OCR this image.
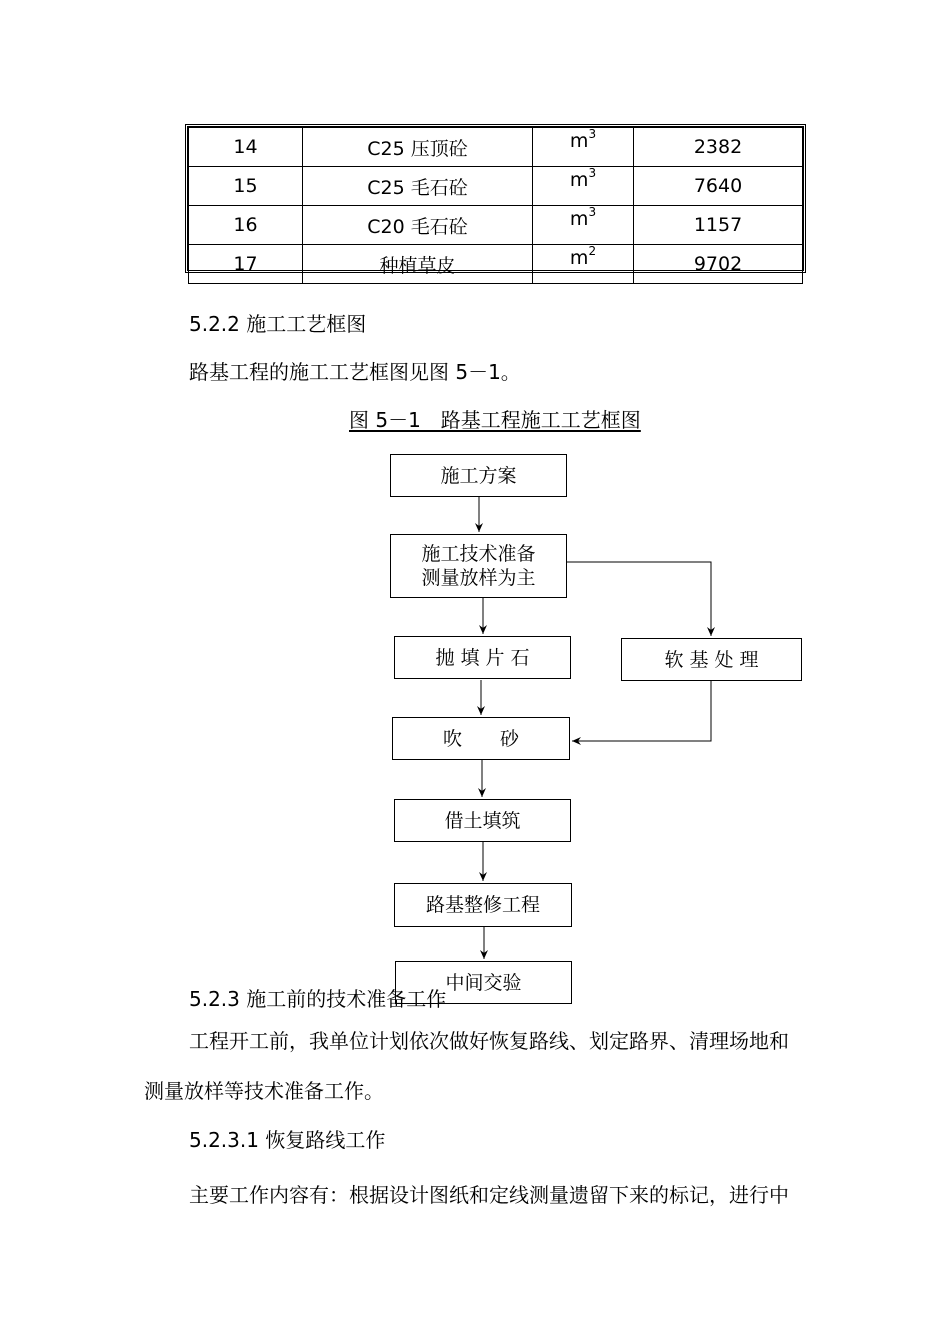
14	C25 压顶砼	$m^3$	2382
15	C25 毛石砼	$m^3$	7640
16	C20 毛石砼	$m^3$	1157
17	种植草皮	$m^2$	9702
5.2.2 施工工艺框图
路基工程的施工工艺框图见图 5－1。
图 5－1　路基工程施工工艺框图
施工方案
施工技术准备
测量放样为主
抛 填 片 石	软 基 处 理
吹　　砂
借土填筑
路基整修工程
中间交验
5.2.3 施工前的技术准备工作
工程开工前，我单位计划依次做好恢复路线、划定路界、清理场地和
测量放样等技术准备工作。
5.2.3.1 恢复路线工作
主要工作内容有：根据设计图纸和定线测量遗留下来的标记，进行中
